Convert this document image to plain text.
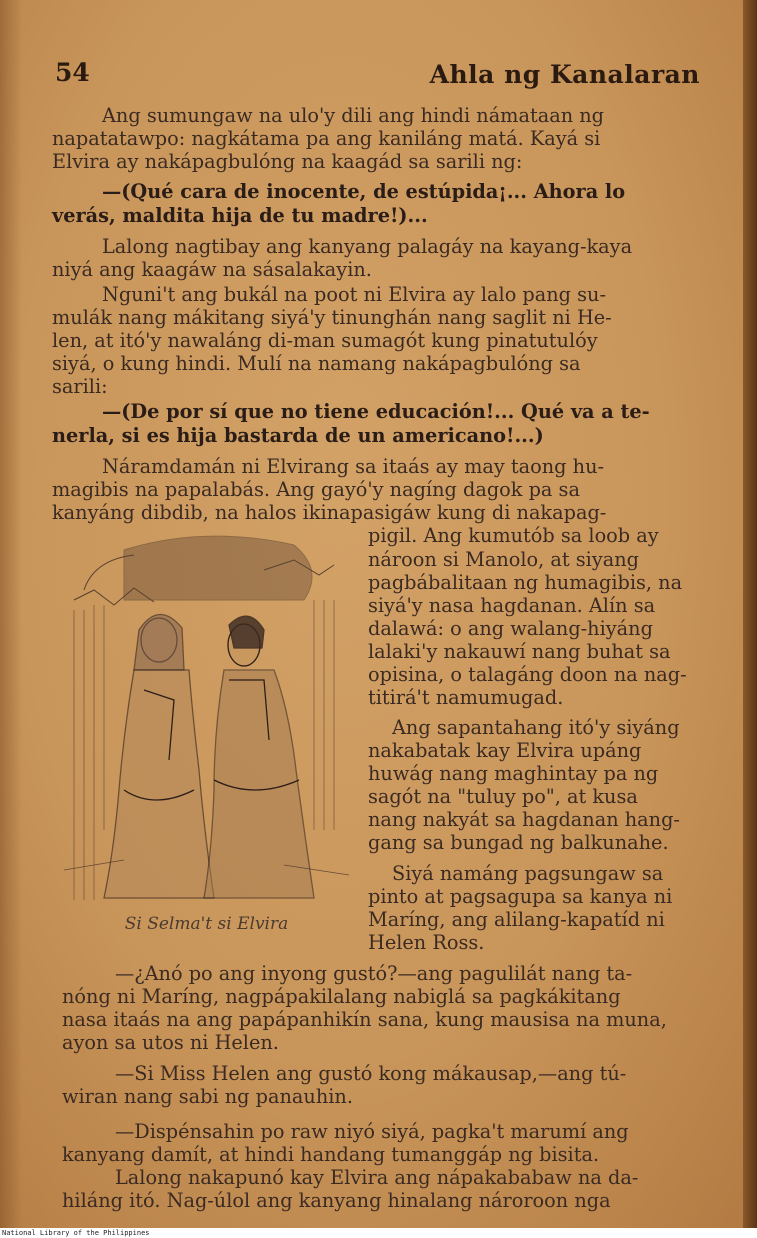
54	Ahla ng Kanalaran
Ang sumungaw na ulo'y dili ang hindi námataan ng
napatatawpo: nagkátama pa ang kaniláng matá. Kayá si
Elvira ay nakápagbulóng na kaagád sa sarili ng:
—(Qué cara de inocente, de estúpida¡... Ahora lo
verás, maldita hija de tu madre!)...
Lalong nagtibay ang kanyang palagáy na kayang-kaya
niyá ang kaagáw na sásalakayin.
Nguni't ang bukál na poot ni Elvira ay lalo pang su-
mulák nang mákitang siyá'y tinunghán nang saglit ni He-
len, at itó'y nawaláng di-man sumagót kung pinatutulóy
siyá, o kung hindi. Mulí na namang nakápagbulóng sa
sarili:
—(De por sí que no tiene educación!... Qué va a te-
nerla, si es hija bastarda de un americano!...)
Náramdamán ni Elvirang sa itaás ay may taong hu-
magibis na papalabás. Ang gayó'y nagíng dagok pa sa
kanyáng dibdib, na halos ikinapasigáw kung di nakapag-
pigil. Ang kumutób sa loob ay
nároon si Manolo, at siyang
pagbábalitaan ng humagibis, na
siyá'y nasa hagdanan. Alín sa
dalawá: o ang walang-hiyáng
lalaki'y nakauwí nang buhat sa
opisina, o talagáng doon na nag-
titirá't namumugad.
Ang sapantahang itó'y siyáng
nakabatak kay Elvira upáng
huwág nang maghintay pa ng
sagót na "tuluy po", at kusa
nang nakyát sa hagdanan hang-
gang sa bungad ng balkunahe.
Siyá namáng pagsungaw sa
pinto at pagsagupa sa kanya ni
Maríng, ang alilang-kapatíd ni
Helen Ross.
—¿Anó po ang inyong gustó?—ang pagulilát nang ta-
nóng ni Maríng, nagpápakilalang nabiglá sa pagkákitang
nasa itaás na ang papápanhikín sana, kung mausisa na muna,
ayon sa utos ni Helen.
—Si Miss Helen ang gustó kong mákausap,—ang tú-
wiran nang sabi ng panauhin.
—Dispénsahin po raw niyó siyá, pagka't marumí ang
kanyang damít, at hindi handang tumanggáp ng bisita.
Lalong nakapunó kay Elvira ang nápakababaw na da-
hiláng itó. Nag-úlol ang kanyang hinalang nároroon nga
Si Selma't si Elvira
National Library of the Philippines
